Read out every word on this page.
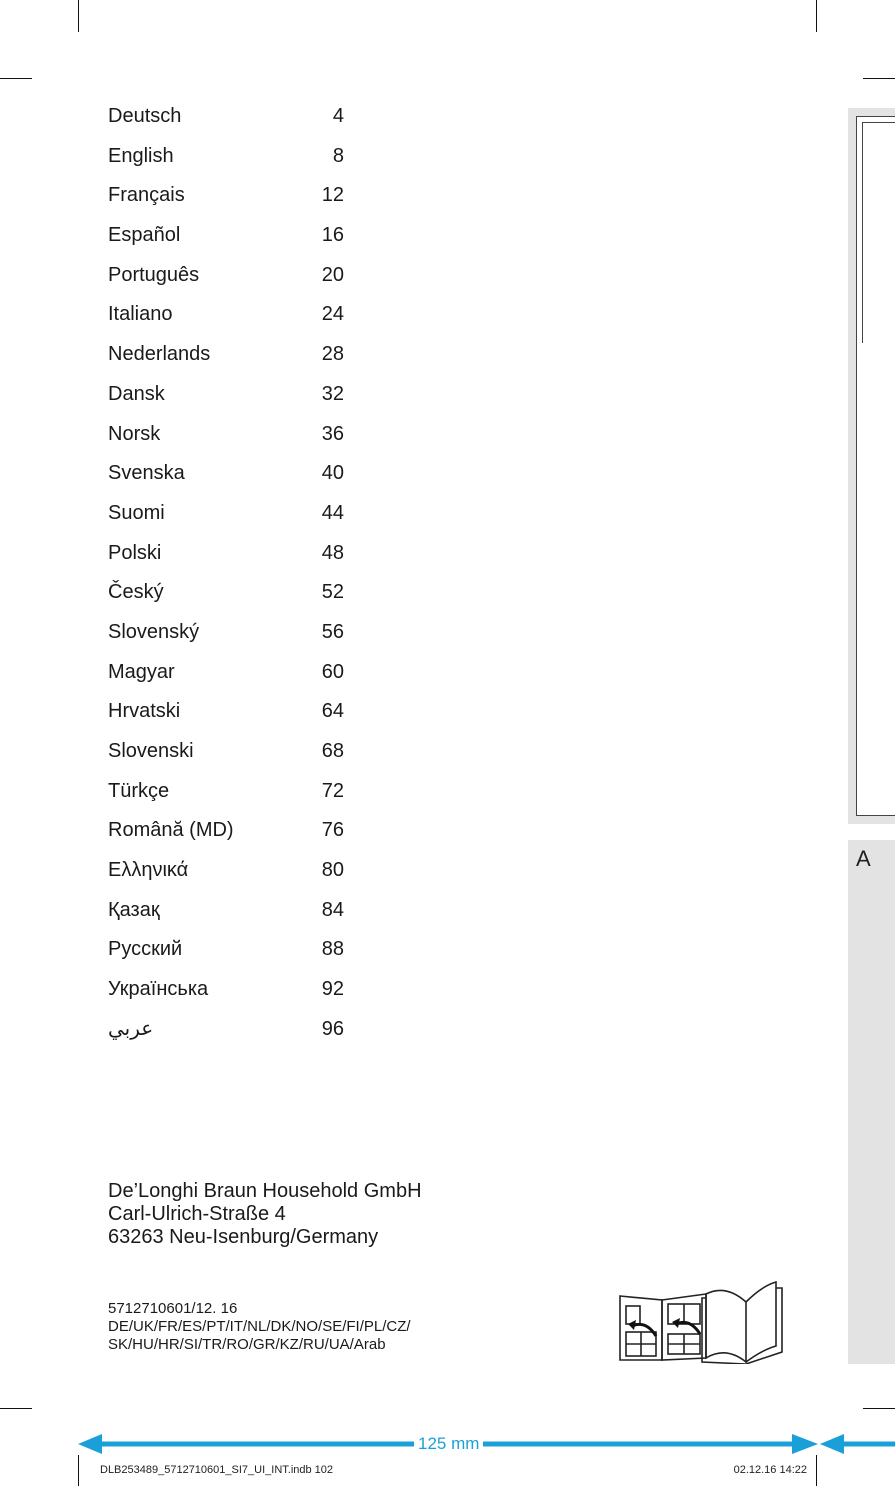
A
Deutsch	4
English	8
Français	12
Español	16
Português	20
Italiano	24
Nederlands	28
Dansk	32
Norsk	36
Svenska	40
Suomi	44
Polski	48
Český	52
Slovenský	56
Magyar	60
Hrvatski	64
Slovenski	68
Türkçe	72
Română (MD)	76
Ελληνικά	80
Қазақ	84
Русский	88
Українська	92
عربي	96
De’Longhi Braun Household GmbH
Carl-Ulrich-Straße 4
63263 Neu-Isenburg/Germany
5712710601/12. 16
DE/UK/FR/ES/PT/IT/NL/DK/NO/SE/FI/PL/CZ/
SK/HU/HR/SI/TR/RO/GR/KZ/RU/UA/Arab
125 mm
DLB253489_5712710601_SI7_UI_INT.indb 102	02.12.16 14:22
